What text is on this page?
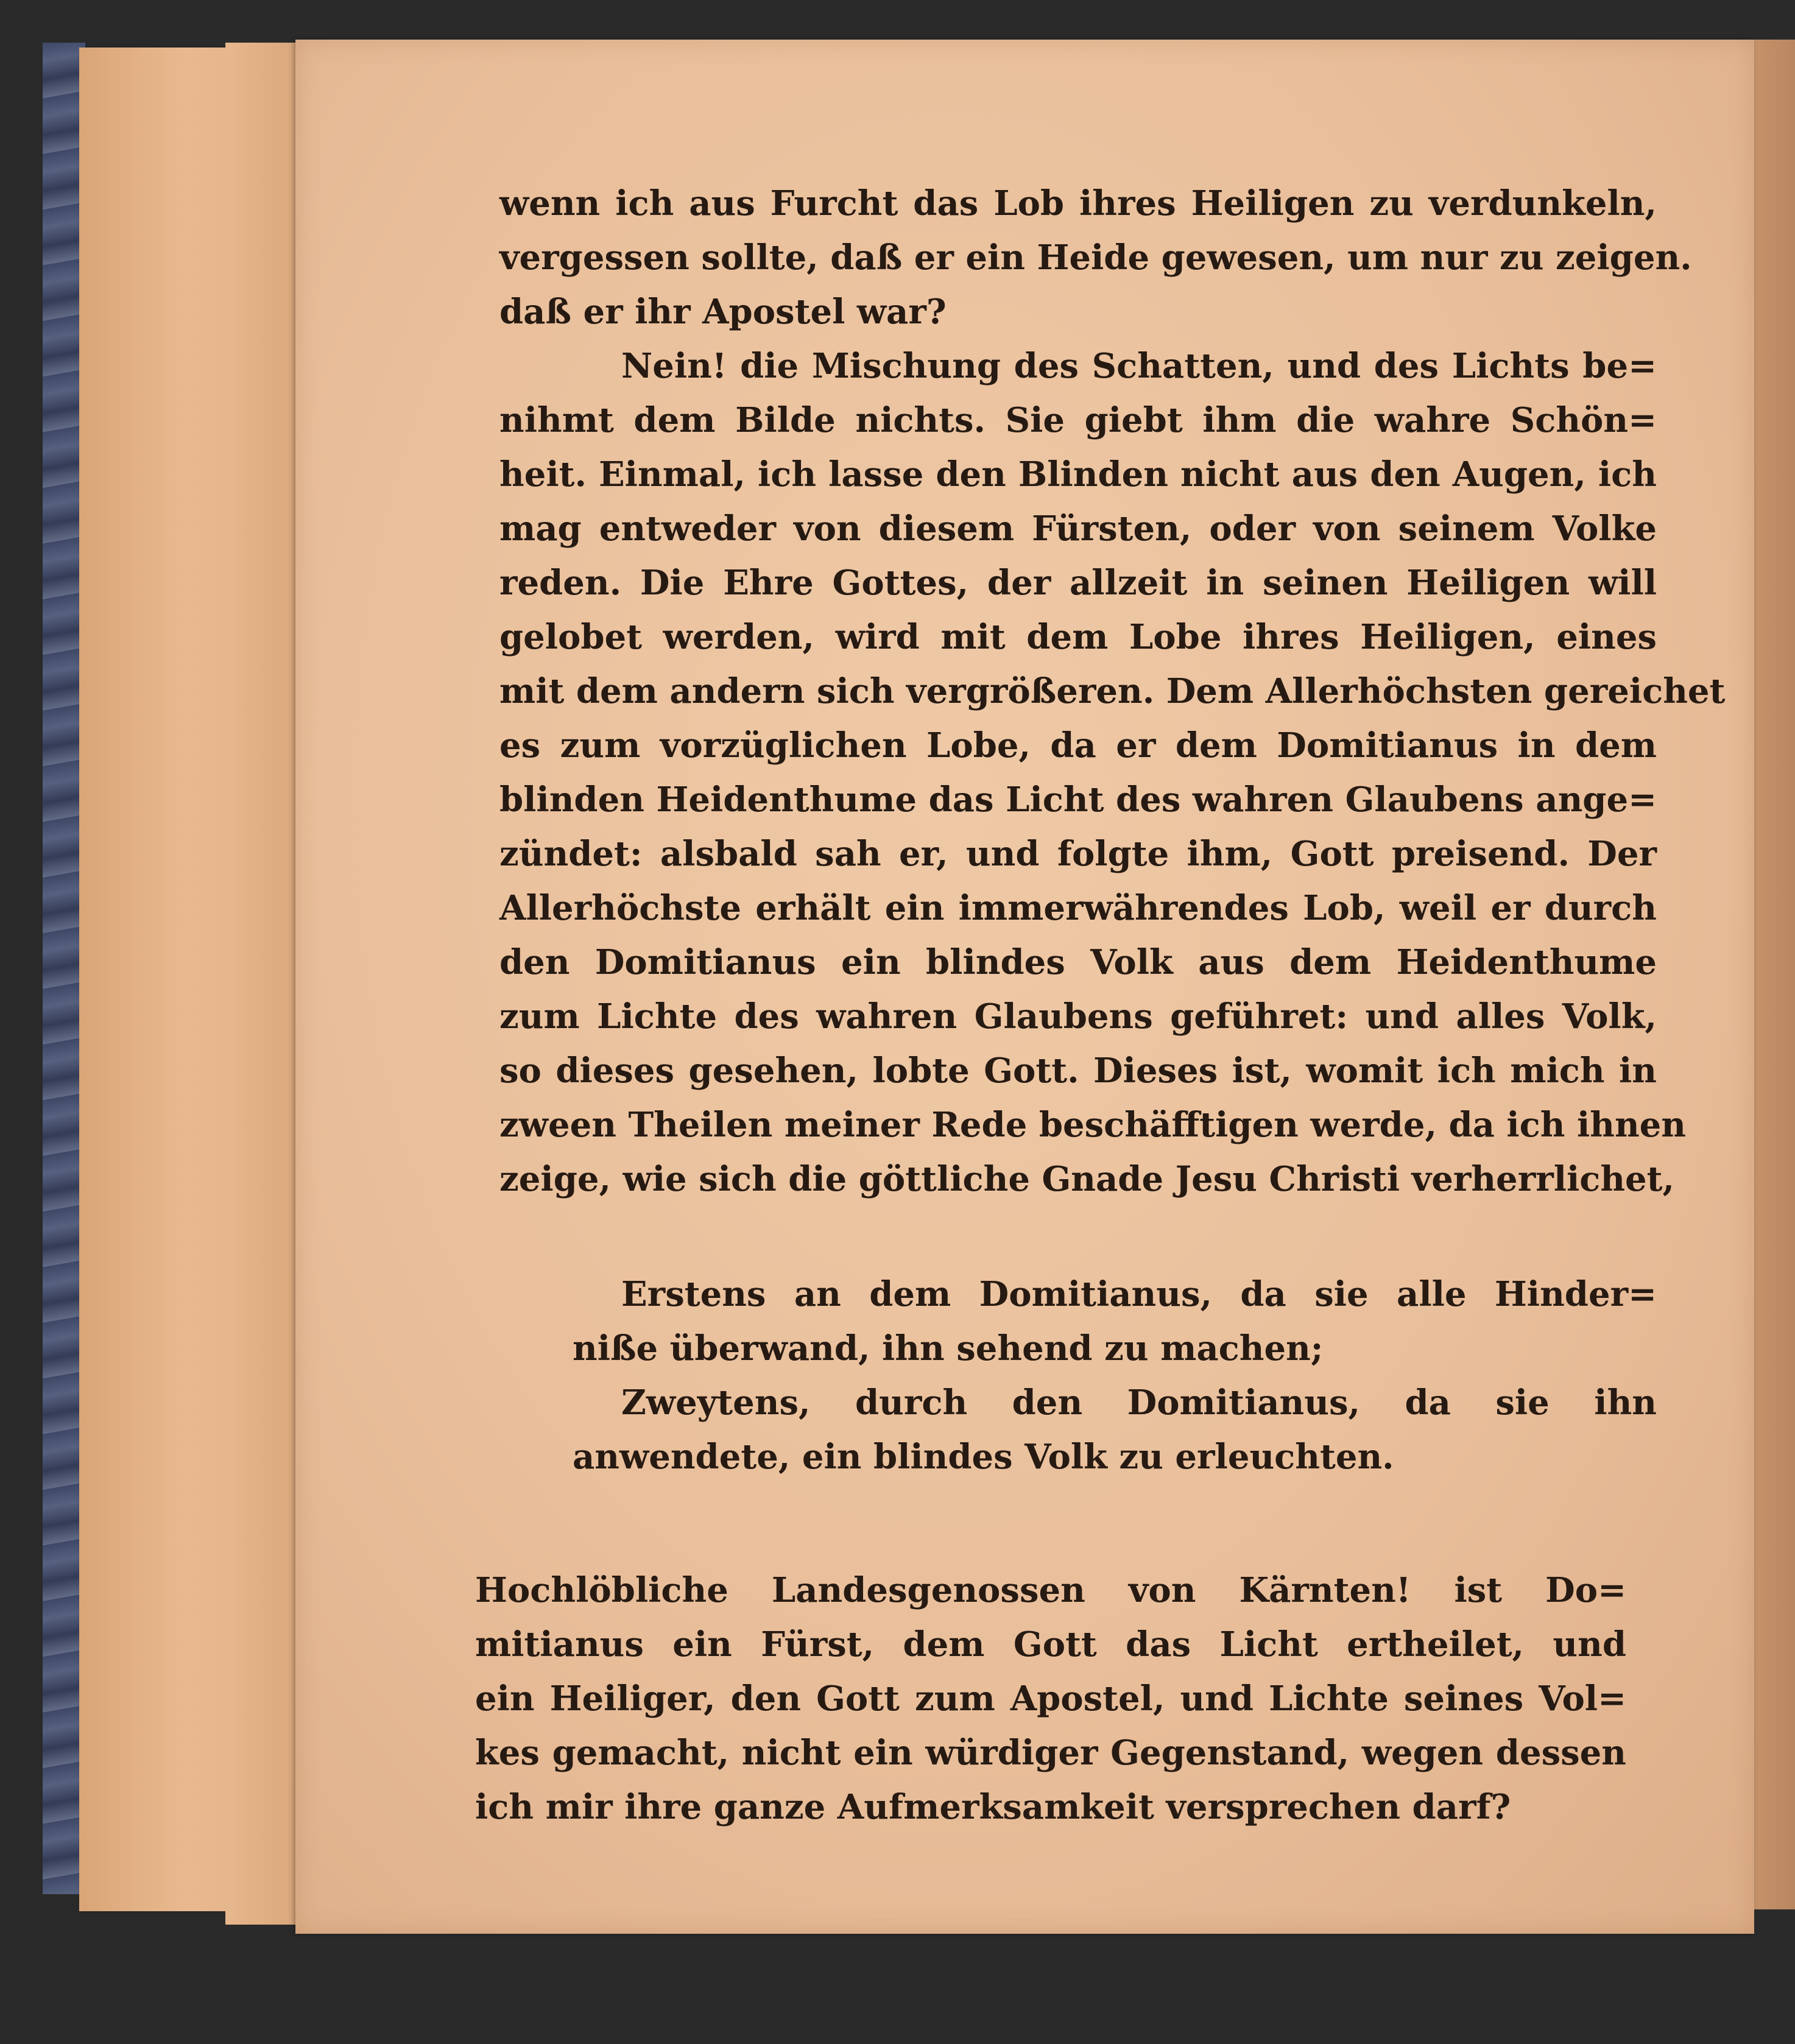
wenn ich aus Furcht das Lob ihres Heiligen zu verdunkeln,
vergessen sollte, daß er ein Heide gewesen, um nur zu zeigen.
daß er ihr Apostel war?
Nein! die Mischung des Schatten, und des Lichts be=
nihmt dem Bilde nichts. Sie giebt ihm die wahre Schön=
heit. Einmal, ich lasse den Blinden nicht aus den Augen, ich
mag entweder von diesem Fürsten, oder von seinem Volke
reden. Die Ehre Gottes, der allzeit in seinen Heiligen will
gelobet werden, wird mit dem Lobe ihres Heiligen, eines
mit dem andern sich vergrößeren. Dem Allerhöchsten gereichet
es zum vorzüglichen Lobe, da er dem Domitianus in dem
blinden Heidenthume das Licht des wahren Glaubens ange=
zündet: alsbald sah er, und folgte ihm, Gott preisend. Der
Allerhöchste erhält ein immerwährendes Lob, weil er durch
den Domitianus ein blindes Volk aus dem Heidenthume
zum Lichte des wahren Glaubens geführet: und alles Volk,
so dieses gesehen, lobte Gott. Dieses ist, womit ich mich in
zween Theilen meiner Rede beschäfftigen werde, da ich ihnen
zeige, wie sich die göttliche Gnade Jesu Christi verherrlichet,
Erstens an dem Domitianus, da sie alle Hinder=
niße überwand, ihn sehend zu machen;
Zweytens, durch den Domitianus, da sie ihn
anwendete, ein blindes Volk zu erleuchten.
Hochlöbliche Landesgenossen von Kärnten! ist Do=
mitianus ein Fürst, dem Gott das Licht ertheilet, und
ein Heiliger, den Gott zum Apostel, und Lichte seines Vol=
kes gemacht, nicht ein würdiger Gegenstand, wegen dessen
ich mir ihre ganze Aufmerksamkeit versprechen darf?
